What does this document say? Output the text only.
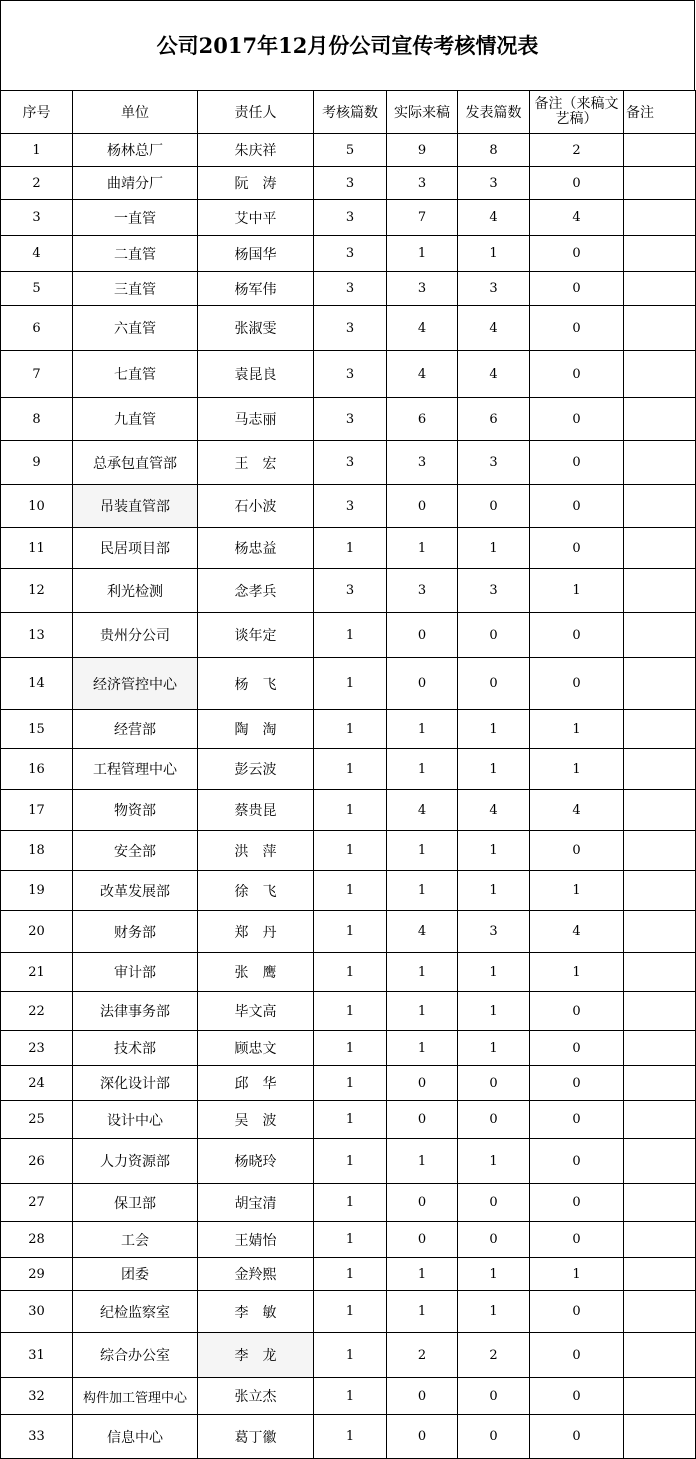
公司2017年12月份公司宣传考核情况表
序号	单位	责任人	考核篇数	实际来稿	发表篇数	备注（来稿文艺稿）	备注
1	杨林总厂	朱庆祥	5	9	8	2	
2	曲靖分厂	阮　涛	3	3	3	0	
3	一直管	艾中平	3	7	4	4	
4	二直管	杨国华	3	1	1	0	
5	三直管	杨军伟	3	3	3	0	
6	六直管	张淑雯	3	4	4	0	
7	七直管	袁昆良	3	4	4	0	
8	九直管	马志丽	3	6	6	0	
9	总承包直管部	王　宏	3	3	3	0	
10	吊装直管部	石小波	3	0	0	0	
11	民居项目部	杨忠益	1	1	1	0	
12	利光检测	念孝兵	3	3	3	1	
13	贵州分公司	谈年定	1	0	0	0	
14	经济管控中心	杨　飞	1	0	0	0	
15	经营部	陶　淘	1	1	1	1	
16	工程管理中心	彭云波	1	1	1	1	
17	物资部	蔡贵昆	1	4	4	4	
18	安全部	洪　萍	1	1	1	0	
19	改革发展部	徐　飞	1	1	1	1	
20	财务部	郑　丹	1	4	3	4	
21	审计部	张　鹰	1	1	1	1	
22	法律事务部	毕文高	1	1	1	0	
23	技术部	顾忠文	1	1	1	0	
24	深化设计部	邱　华	1	0	0	0	
25	设计中心	吴　波	1	0	0	0	
26	人力资源部	杨晓玲	1	1	1	0	
27	保卫部	胡宝清	1	0	0	0	
28	工会	王婧怡	1	0	0	0	
29	团委	金羚熙	1	1	1	1	
30	纪检监察室	李　敏	1	1	1	0	
31	综合办公室	李　龙	1	2	2	0	
32	构件加工管理中心	张立杰	1	0	0	0	
33	信息中心	葛丁徽	1	0	0	0	
